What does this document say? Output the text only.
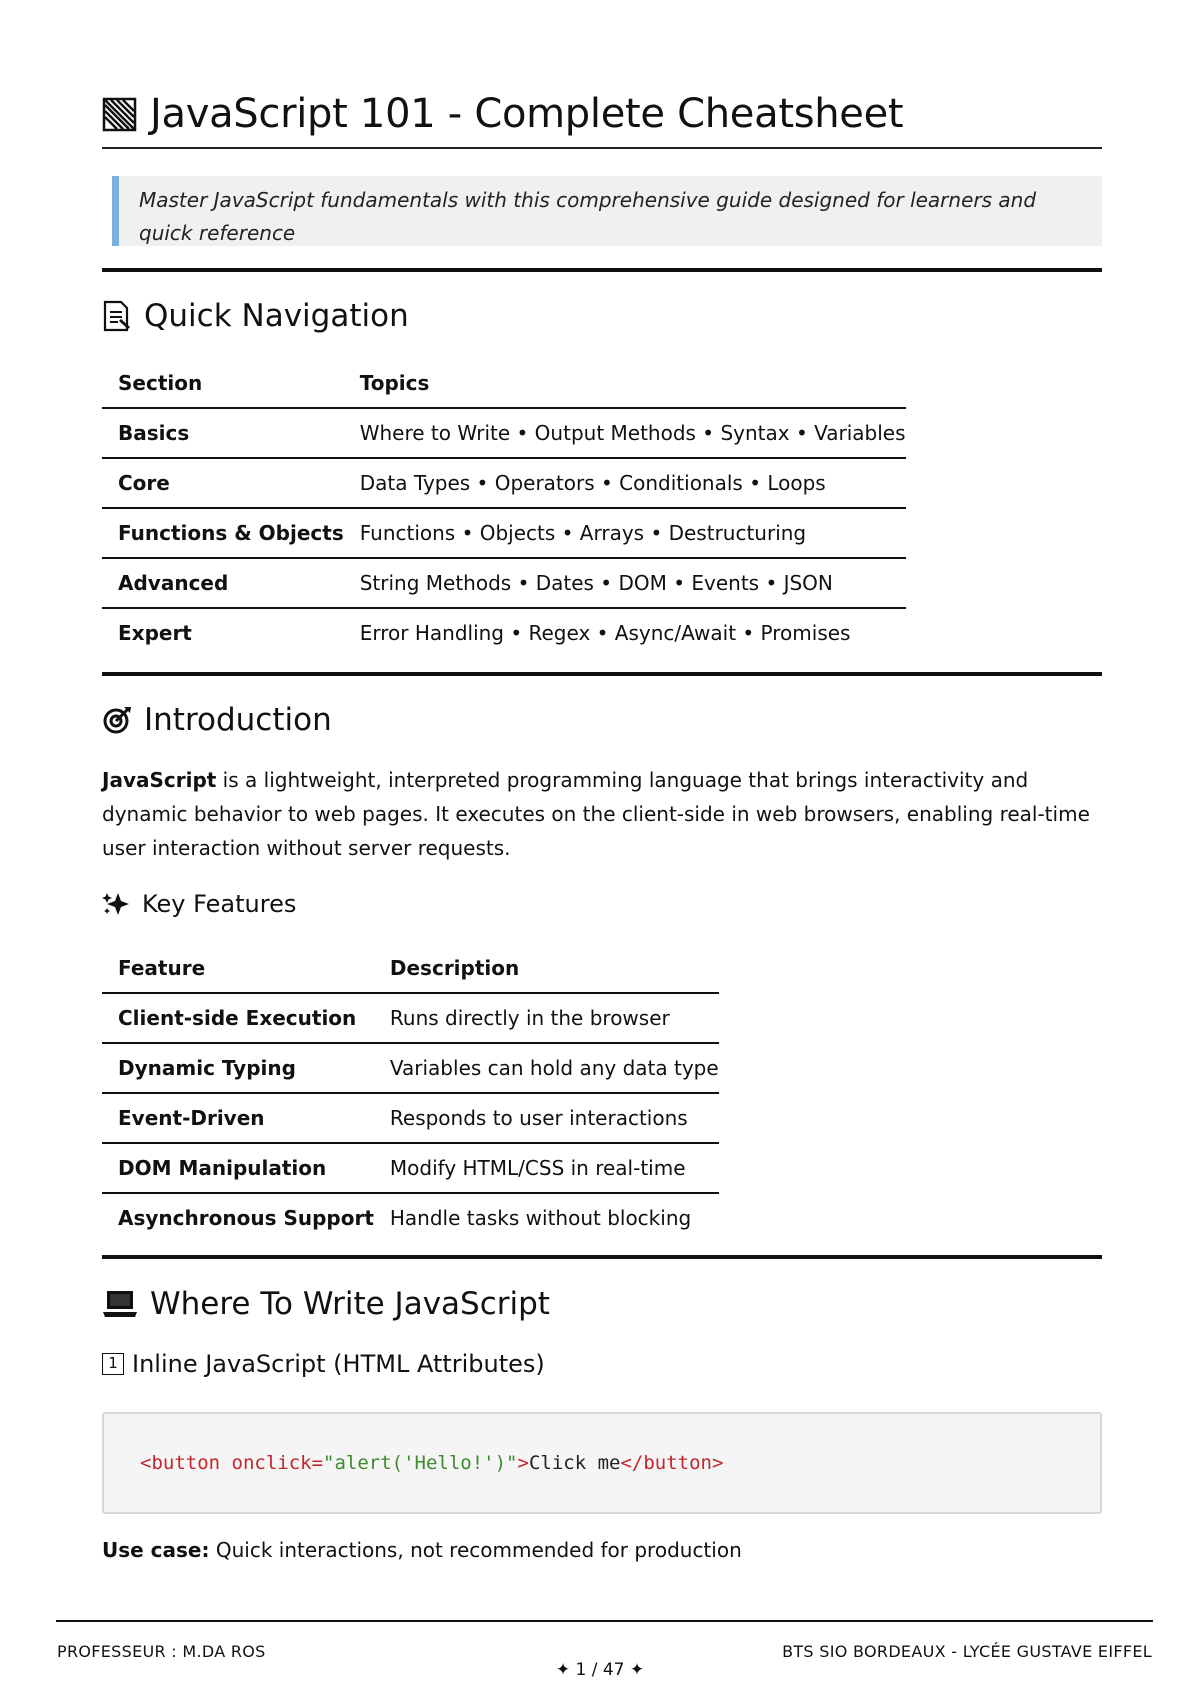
JavaScript 101 - Complete Cheatsheet
Master JavaScript fundamentals with this comprehensive guide designed for learners and quick reference
Quick Navigation
Section	Topics
Basics	Where to Write • Output Methods • Syntax • Variables
Core	Data Types • Operators • Conditionals • Loops
Functions & Objects	Functions • Objects • Arrays • Destructuring
Advanced	String Methods • Dates • DOM • Events • JSON
Expert	Error Handling • Regex • Async/Await • Promises
Introduction

JavaScript is a lightweight, interpreted programming language that brings interactivity and dynamic behavior to web pages. It executes on the client-side in web browsers, enabling real-time user interaction without server requests.

Key Features
Feature	Description
Client-side Execution	Runs directly in the browser
Dynamic Typing	Variables can hold any data type
Event-Driven	Responds to user interactions
DOM Manipulation	Modify HTML/CSS in real-time
Asynchronous Support	Handle tasks without blocking
Where To Write JavaScript
1 Inline JavaScript (HTML Attributes)
<button onclick="alert('Hello!')">Click me</button>

Use case: Quick interactions, not recommended for production

PROFESSEUR : M.DA ROS	BTS SIO BORDEAUX - LYCÉE GUSTAVE EIFFEL
✦ 1 / 47 ✦
